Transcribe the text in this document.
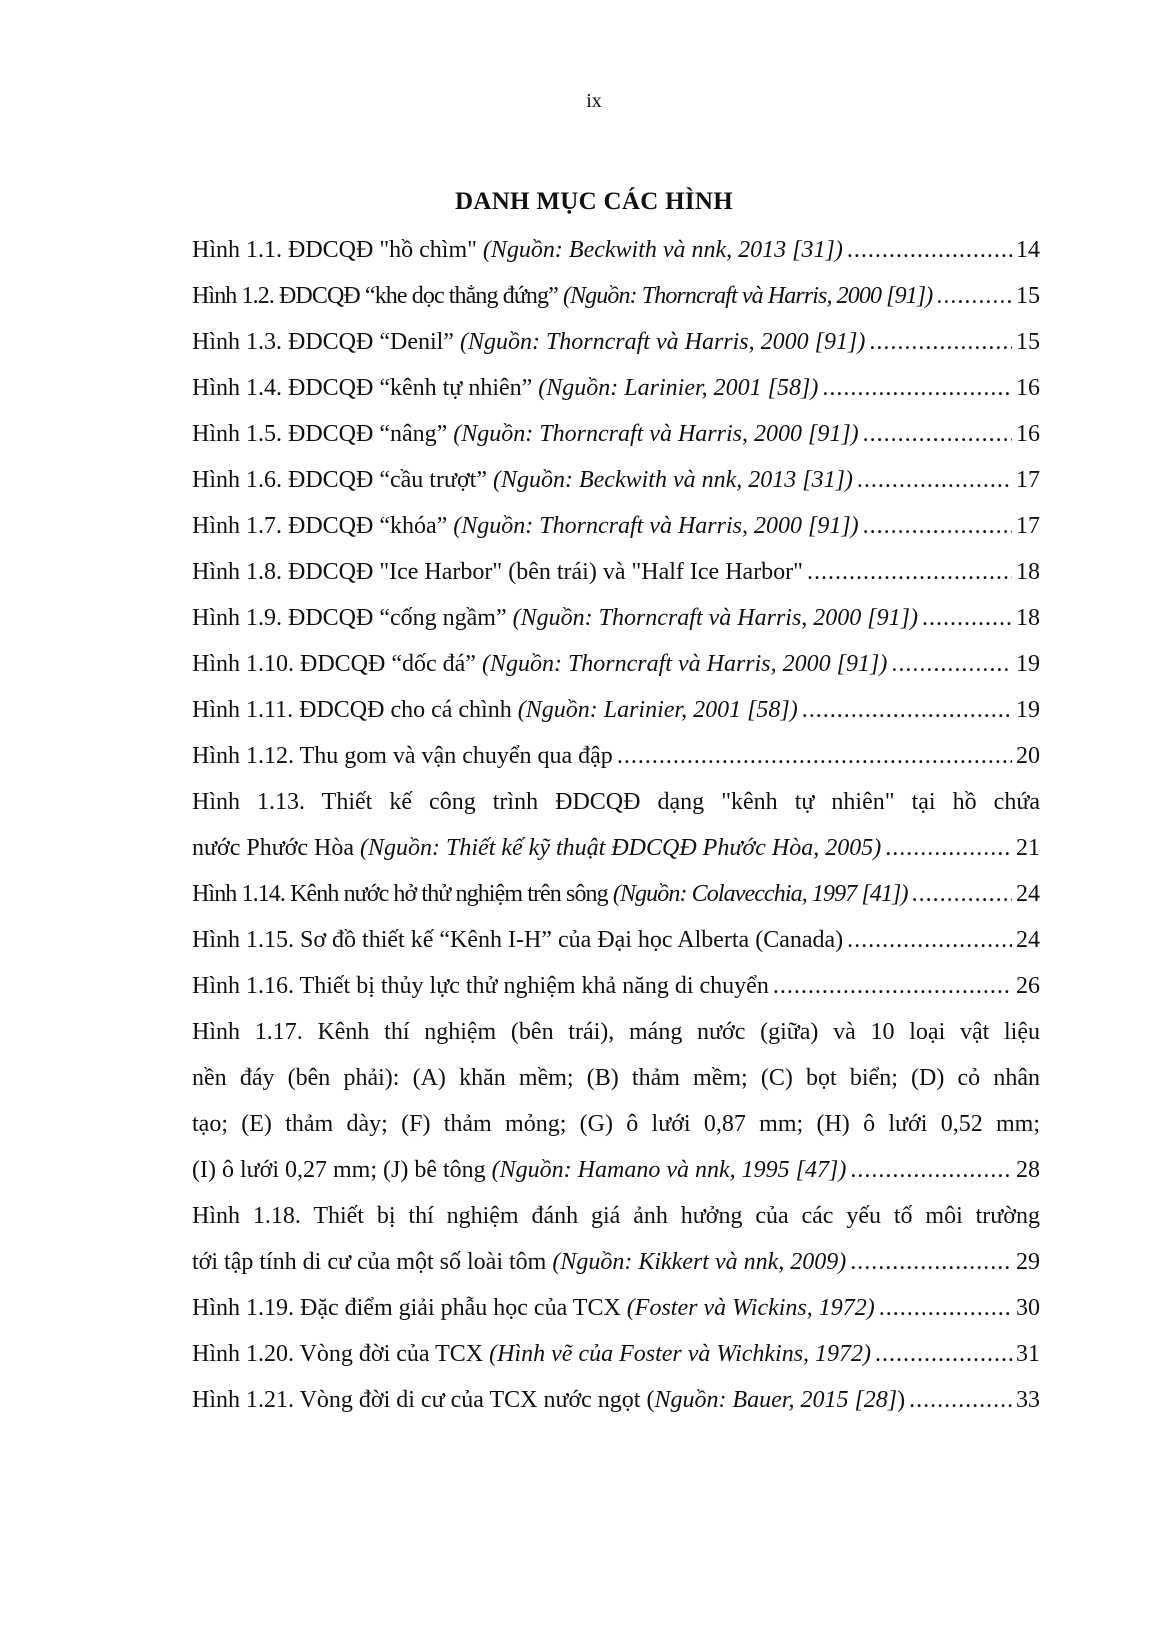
ix
DANH MỤC CÁC HÌNH
Hình 1.1. ĐDCQĐ "hồ chìm" (Nguồn: Beckwith và nnk, 2013 [31]) .....	14
Hình 1.2. ĐDCQĐ “khe dọc thẳng đứng” (Nguồn: Thorncraft và Harris, 2000 [91]) .....	15
Hình 1.3. ĐDCQĐ “Denil” (Nguồn: Thorncraft và Harris, 2000 [91]) .....	15
Hình 1.4. ĐDCQĐ “kênh tự nhiên” (Nguồn: Larinier, 2001 [58]) .....	16
Hình 1.5. ĐDCQĐ “nâng” (Nguồn: Thorncraft và Harris, 2000 [91]) .....	16
Hình 1.6. ĐDCQĐ “cầu trượt” (Nguồn: Beckwith và nnk, 2013 [31]) .....	17
Hình 1.7. ĐDCQĐ “khóa” (Nguồn: Thorncraft và Harris, 2000 [91]) .....	17
Hình 1.8. ĐDCQĐ "Ice Harbor" (bên trái) và "Half Ice Harbor" .....	18
Hình 1.9. ĐDCQĐ “cống ngầm” (Nguồn: Thorncraft và Harris, 2000 [91]) .....	18
Hình 1.10. ĐDCQĐ “dốc đá” (Nguồn: Thorncraft và Harris, 2000 [91]) .....	19
Hình 1.11. ĐDCQĐ cho cá chình (Nguồn: Larinier, 2001 [58]) .....	19
Hình 1.12. Thu gom và vận chuyển qua đập .....	20
Hình 1.13. Thiết kế công trình ĐDCQĐ dạng "kênh tự nhiên" tại hồ chứa
nước Phước Hòa (Nguồn: Thiết kế kỹ thuật ĐDCQĐ Phước Hòa, 2005) .....	21
Hình 1.14. Kênh nước hở thử nghiệm trên sông (Nguồn: Colavecchia, 1997 [41]) .....	24
Hình 1.15. Sơ đồ thiết kế “Kênh I-H” của Đại học Alberta (Canada) .....	24
Hình 1.16. Thiết bị thủy lực thử nghiệm khả năng di chuyển .....	26
Hình 1.17. Kênh thí nghiệm (bên trái), máng nước (giữa) và 10 loại vật liệu
nền đáy (bên phải): (A) khăn mềm; (B) thảm mềm; (C) bọt biển; (D) cỏ nhân
tạo; (E) thảm dày; (F) thảm mỏng; (G) ô lưới 0,87 mm; (H) ô lưới 0,52 mm;
(I) ô lưới 0,27 mm; (J) bê tông (Nguồn: Hamano và nnk, 1995 [47]) .....	28
Hình 1.18. Thiết bị thí nghiệm đánh giá ảnh hưởng của các yếu tố môi trường
tới tập tính di cư của một số loài tôm (Nguồn: Kikkert và nnk, 2009) .....	29
Hình 1.19. Đặc điểm giải phẫu học của TCX (Foster và Wickins, 1972) .....	30
Hình 1.20. Vòng đời của TCX (Hình vẽ của Foster và Wichkins, 1972) .....	31
Hình 1.21. Vòng đời di cư của TCX nước ngọt (Nguồn: Bauer, 2015 [28]) .....	33
